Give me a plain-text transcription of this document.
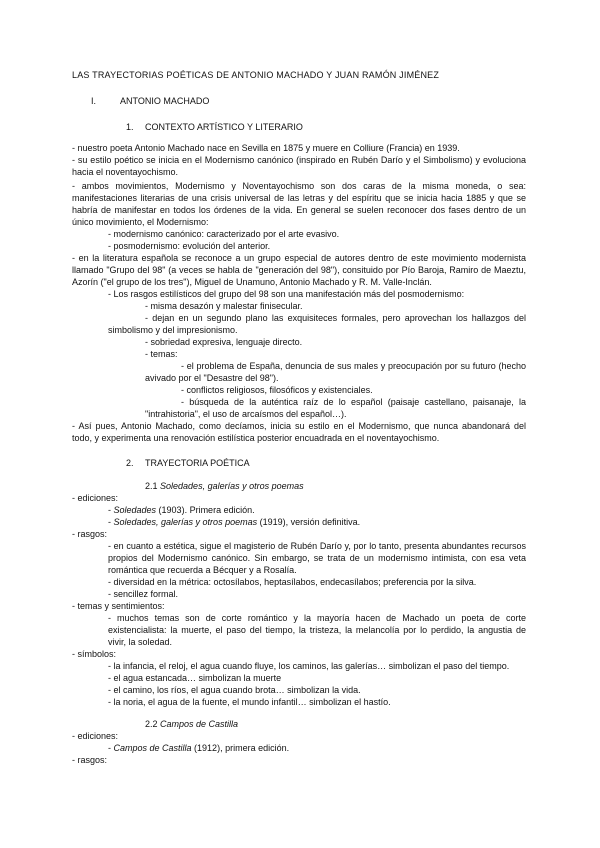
LAS TRAYECTORIAS POÉTICAS DE ANTONIO MACHADO Y JUAN RAMÓN JIMÉNEZ
I.	ANTONIO MACHADO
1. CONTEXTO ARTÍSTICO Y LITERARIO
- nuestro poeta Antonio Machado nace en Sevilla en 1875 y muere en Colliure (Francia) en 1939.
- su estilo poético se inicia en el Modernismo canónico (inspirado en Rubén Darío y el Simbolismo) y evoluciona
hacia el noventayochismo.
- ambos movimientos, Modernismo y Noventayochismo son dos caras de la misma moneda, o sea:
manifestaciones literarias de una crisis universal de las letras y del espíritu que se inicia hacia 1885 y que se
habría de manifestar en todos los órdenes de la vida. En general se suelen reconocer dos fases dentro de un
único movimiento, el Modernismo:
- modernismo canónico: caracterizado por el arte evasivo.
- posmodernismo: evolución del anterior.
- en la literatura española se reconoce a un grupo especial de autores dentro de este movimiento modernista
llamado "Grupo del 98" (a veces se habla de "generación del 98"), consituido por Pío Baroja, Ramiro de Maeztu,
Azorín ("el grupo de los tres"), Miguel de Unamuno, Antonio Machado y R. M. Valle-Inclán.
- Los rasgos estilísticos del grupo del 98 son una manifestación más del posmodernismo:
- misma desazón y malestar finisecular.
- dejan en un segundo plano las exquisiteces formales, pero aprovechan los hallazgos del
simbolismo y del impresionismo.
- sobriedad expresiva, lenguaje directo.
- temas:
- el problema de España, denuncia de sus males y preocupación por su futuro (hecho
avivado por el "Desastre del 98").
- conflictos religiosos, filosóficos y existenciales.
- búsqueda de la auténtica raíz de lo español (paisaje castellano, paisanaje, la
"intrahistoria", el uso de arcaísmos del español…).
- Así pues, Antonio Machado, como decíamos, inicia su estilo en el Modernismo, que nunca abandonará del
todo, y experimenta una renovación estilística posterior encuadrada en el noventayochismo.
2. TRAYECTORIA POÉTICA
2.1 Soledades, galerías y otros poemas
- ediciones:
- Soledades (1903). Primera edición.
- Soledades, galerías y otros poemas (1919), versión definitiva.
- rasgos:
- en cuanto a estética, sigue el magisterio de Rubén Darío y, por lo tanto, presenta abundantes recursos
propios del Modernismo canónico. Sin embargo, se trata de un modernismo intimista, con esa veta
romántica que recuerda a Bécquer y a Rosalía.
- diversidad en la métrica: octosílabos, heptasílabos, endecasílabos; preferencia por la silva.
- sencillez formal.
- temas y sentimientos:
- muchos temas son de corte romántico y la mayoría hacen de Machado un poeta de corte
existencialista: la muerte, el paso del tiempo, la tristeza, la melancolía por lo perdido, la angustia de
vivir, la soledad.
- símbolos:
- la infancia, el reloj, el agua cuando fluye, los caminos, las galerías… simbolizan el paso del tiempo.
- el agua estancada… simbolizan la muerte
- el camino, los ríos, el agua cuando brota… simbolizan la vida.
- la noria, el agua de la fuente, el mundo infantil… simbolizan el hastío.
2.2 Campos de Castilla
- ediciones:
- Campos de Castilla (1912), primera edición.
- rasgos:
